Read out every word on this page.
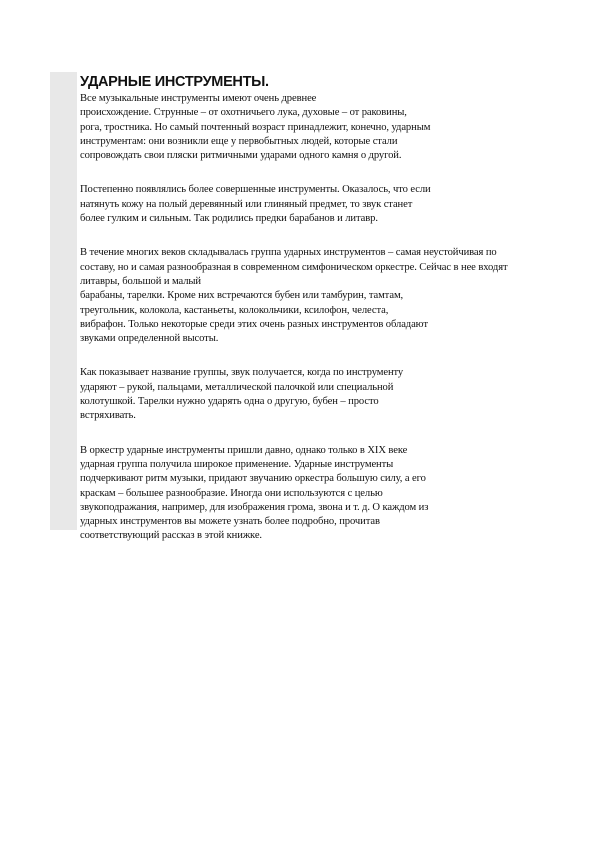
УДАРНЫЕ ИНСТРУМЕНТЫ.
Все музыкальные инструменты имеют очень древнее
происхождение. Струнные – от охотничьего лука, духовые – от раковины,
рога, тростника. Но самый почтенный возраст принадлежит, конечно, ударным
инструментам: они возникли еще у первобытных людей, которые стали
сопровождать свои пляски ритмичными ударами одного камня о другой.
Постепенно появлялись более совершенные инструменты. Оказалось, что если
натянуть кожу на полый деревянный или глиняный предмет, то звук станет
более гулким и сильным. Так родились предки барабанов и литавр.
В течение многих веков складывалась группа ударных инструментов – самая неустойчивая по
составу, но и самая разнообразная в современном симфоническом оркестре. Сейчас в нее входят
литавры, большой и малый
барабаны, тарелки. Кроме них встречаются бубен или тамбурин, тамтам,
треугольник, колокола, кастаньеты, колокольчики, ксилофон, челеста,
вибрафон. Только некоторые среди этих очень разных инструментов обладают
звуками определенной высоты.
Как показывает название группы, звук получается, когда по инструменту
ударяют – рукой, пальцами, металлической палочкой или специальной
колотушкой. Тарелки нужно ударять одна о другую, бубен – просто
встряхивать.
В оркестр ударные инструменты пришли давно, однако только в XIX веке
ударная группа получила широкое применение. Ударные инструменты
подчеркивают ритм музыки, придают звучанию оркестра большую силу, а его
краскам – большее разнообразие. Иногда они используются с целью
звукоподражания, например, для изображения грома, звона и т. д. О каждом из
ударных инструментов вы можете узнать более подробно, прочитав
соответствующий рассказ в этой книжке.
